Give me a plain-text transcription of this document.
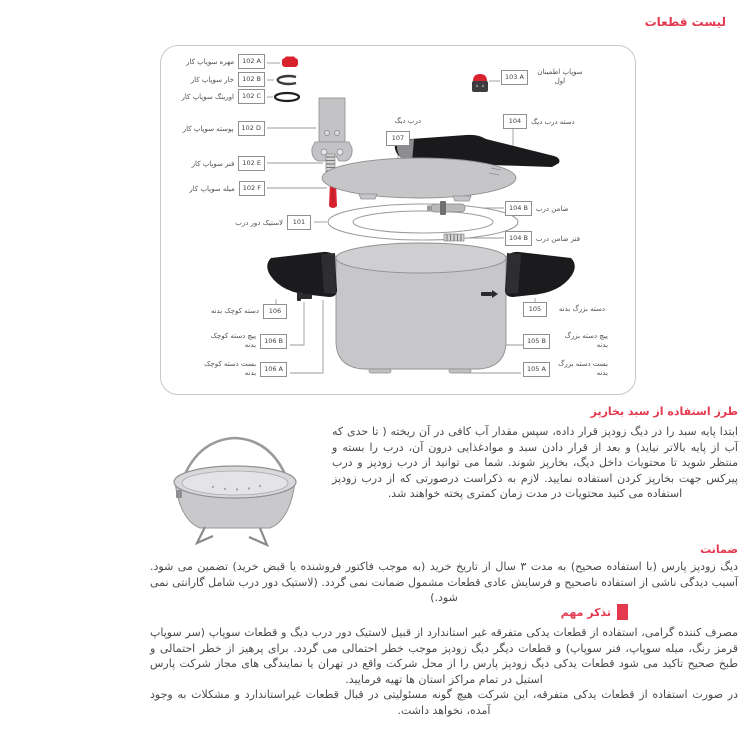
لیست قطعات
مهره سوپاپ کار	102 A
خار سوپاپ کار	102 B
اورینگ سوپاپ کار	102 C
پوسته سوپاپ کار	102 D
فنر سوپاپ کار	102 E
میله سوپاپ کار	102 F
لاستیک دور درب	101
دسته کوچک بدنه	106
پیچ دسته کوچک بدنه
106 B
بست دسته کوچک بدنه
106 A
103 A
سوپاپ اطمینان اول
104	دسته درب دیگ
104 B	ضامن درب
104 B	فنر ضامن درب
105	دسته بزرگ بدنه
105 B
پیچ دسته بزرگ بدنه
105 A
بست دسته بزرگ بدنه
درب دیگ
107
طرز استفاده از سبد بخارپز

ابتدا پایه سبد را در دیگ زودپز قرار داده، سپس مقدار آب کافی در آن ریخته ( تا حدی که آب از پایه بالاتر نیاید) و بعد از قرار دادن سبد و موادغذایی درون آن، درب را بسته و منتظر شوید تا محتویات داخل دیگ، بخارپز شوند. شما می توانید از درب زودپز و درب پیرکس جهت بخارپز کردن استفاده نمایید. لازم به ذکراست درصورتی که از درب زودپز استفاده می کنید محتویات در مدت زمان کمتری پخته خواهند شد.

ضمانت

دیگ زودپز پارس (با استفاده صحیح) به مدت ۳ سال از تاریخ خرید (به موجب فاکتور فروشنده یا قبض خرید) تضمین می شود. آسیب دیدگی ناشی از استفاده ناصحیح و فرسایش عادی قطعات مشمول ضمانت نمی گردد. (لاستیک دور درب شامل گارانتی نمی شود.)

تذکر مهم

مصرف کننده گرامی، استفاده از قطعات یدکی متفرقه غیر استاندارد از قبیل لاستیک دور درب دیگ و قطعات سوپاپ (سر سوپاپ قرمز رنگ، میله سوپاپ، فنر سوپاپ) و قطعات دیگر دیگ زودپز موجب خطر احتمالی می گردد. برای پرهیز از خطر احتمالی و طبخ صحیح تاکید می شود قطعات یدکی دیگ زودپز پارس را از محل شرکت واقع در تهران یا نمایندگی های مجاز شرکت پارس استیل در تمام مراکز استان ها تهیه فرمایید.

در صورت استفاده از قطعات یدکی متفرقه، این شرکت هیچ گونه مسئولیتی در قبال قطعات غیراستاندارد و مشکلات به وجود آمده، نخواهد داشت.
